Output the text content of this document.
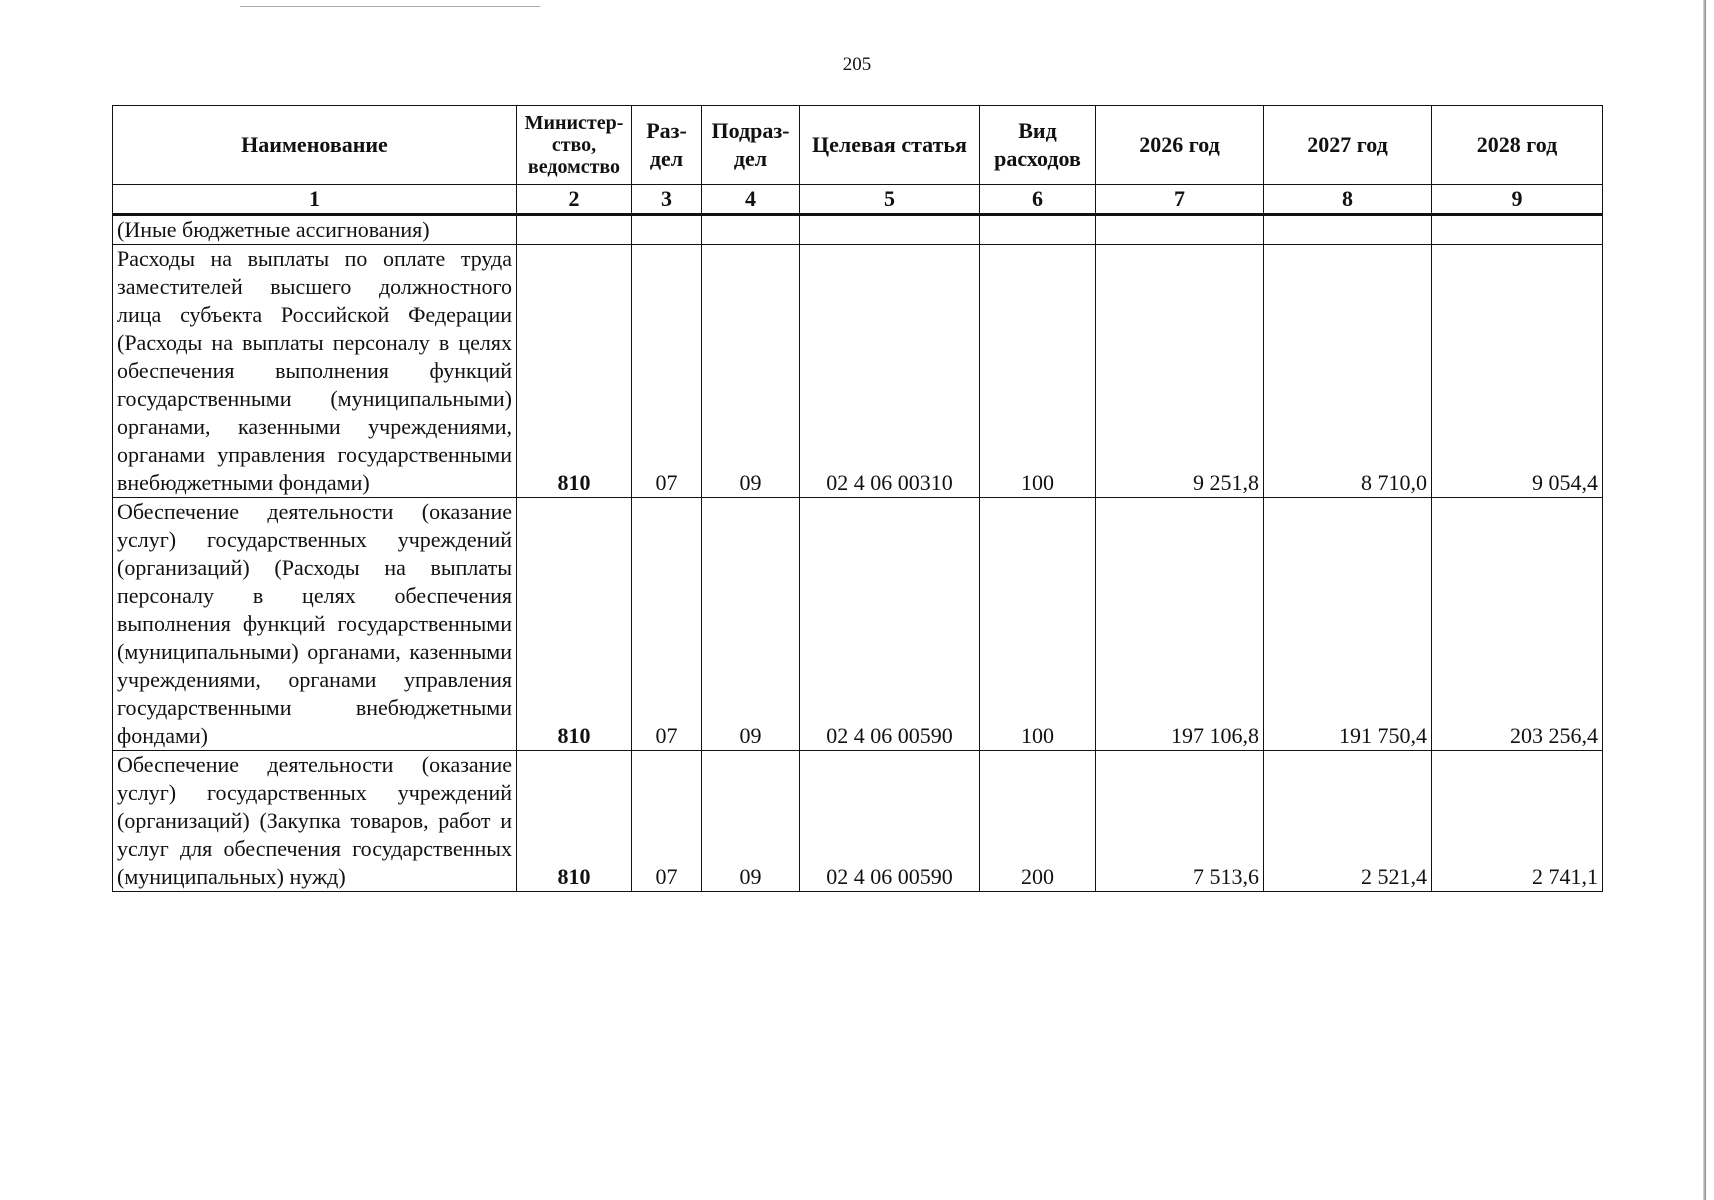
205
Наименование	Министер-ство, ведомство	Раз-дел	Подраз-дел	Целевая статья	Вид расходов	2026 год	2027 год	2028 год
1	2	3	4	5	6	7	8	9
(Иные бюджетные ассигнования)								
Расходы на выплаты по оплате труда заместителей высшего должностного лица субъекта Российской Федерации (Расходы на выплаты персоналу в целях обеспечения выполнения функций государственными (муниципальными) органами, казенными учреждениями, органами управления государственными внебюджетными фондами)	810	07	09	02 4 06 00310	100	9 251,8	8 710,0	9 054,4
Обеспечение деятельности (оказание услуг) государственных учреждений (организаций) (Расходы на выплаты персоналу в целях обеспечения выполнения функций государственными (муниципальными) органами, казенными учреждениями, органами управления государственными внебюджетными фондами)	810	07	09	02 4 06 00590	100	197 106,8	191 750,4	203 256,4
Обеспечение деятельности (оказание услуг) государственных учреждений (организаций) (Закупка товаров, работ и услуг для обеспечения государственных (муниципальных) нужд)	810	07	09	02 4 06 00590	200	7 513,6	2 521,4	2 741,1
